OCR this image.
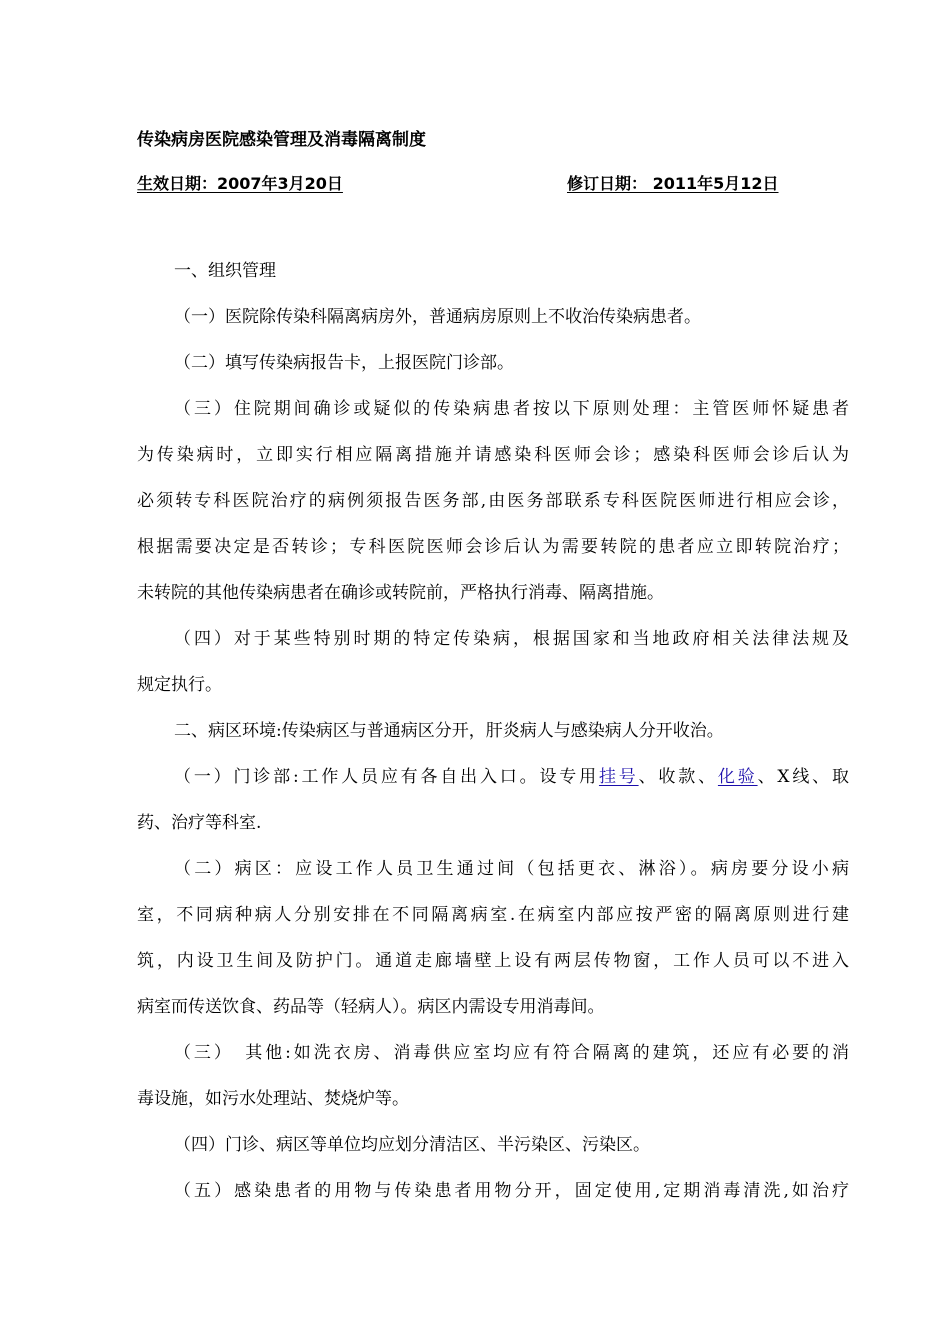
传染病房医院感染管理及消毒隔离制度
生效日期：2007年3月20日	修订日期： 2011年5月12日

一、组织管理

（一）医院除传染科隔离病房外，普通病房原则上不收治传染病患者。

（二）填写传染病报告卡，上报医院门诊部。

（三）住院期间确诊或疑似的传染病患者按以下原则处理：主管医师怀疑患者

为传染病时，立即实行相应隔离措施并请感染科医师会诊；感染科医师会诊后认为

必须转专科医院治疗的病例须报告医务部,由医务部联系专科医院医师进行相应会诊，

根据需要决定是否转诊；专科医院医师会诊后认为需要转院的患者应立即转院治疗；

未转院的其他传染病患者在确诊或转院前，严格执行消毒、隔离措施。

（四）对于某些特别时期的特定传染病，根据国家和当地政府相关法律法规及

规定执行。

二、病区环境:传染病区与普通病区分开，肝炎病人与感染病人分开收治。

（一）门诊部:工作人员应有各自出入口。设专用挂号、收款、化验、X线、取

药、治疗等科室.

（二）病区：应设工作人员卫生通过间（包括更衣、淋浴）。病房要分设小病

室，不同病种病人分别安排在不同隔离病室.在病室内部应按严密的隔离原则进行建

筑，内设卫生间及防护门。通道走廊墙壁上设有两层传物窗，工作人员可以不进入

病室而传送饮食、药品等（轻病人）。病区内需设专用消毒间。

（三）　其他:如洗衣房、消毒供应室均应有符合隔离的建筑，还应有必要的消

毒设施，如污水处理站、焚烧炉等。

（四）门诊、病区等单位均应划分清洁区、半污染区、污染区。

（五）感染患者的用物与传染患者用物分开，固定使用,定期消毒清洗,如治疗
